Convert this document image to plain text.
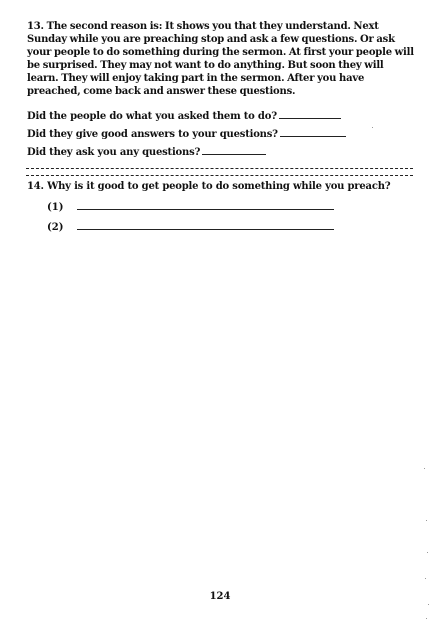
13. The second reason is: It shows you that they understand. Next Sunday while you are preaching stop and ask a few questions. Or ask your people to do something during the sermon. At first your people will be surprised. They may not want to do anything. But soon they will learn. They will enjoy taking part in the sermon. After you have preached, come back and answer these questions.
Did the people do what you asked them to do?
Did they give good answers to your questions?
Did they ask you any questions?
14. Why is it good to get people to do something while you preach?
(1)
(2)
124
